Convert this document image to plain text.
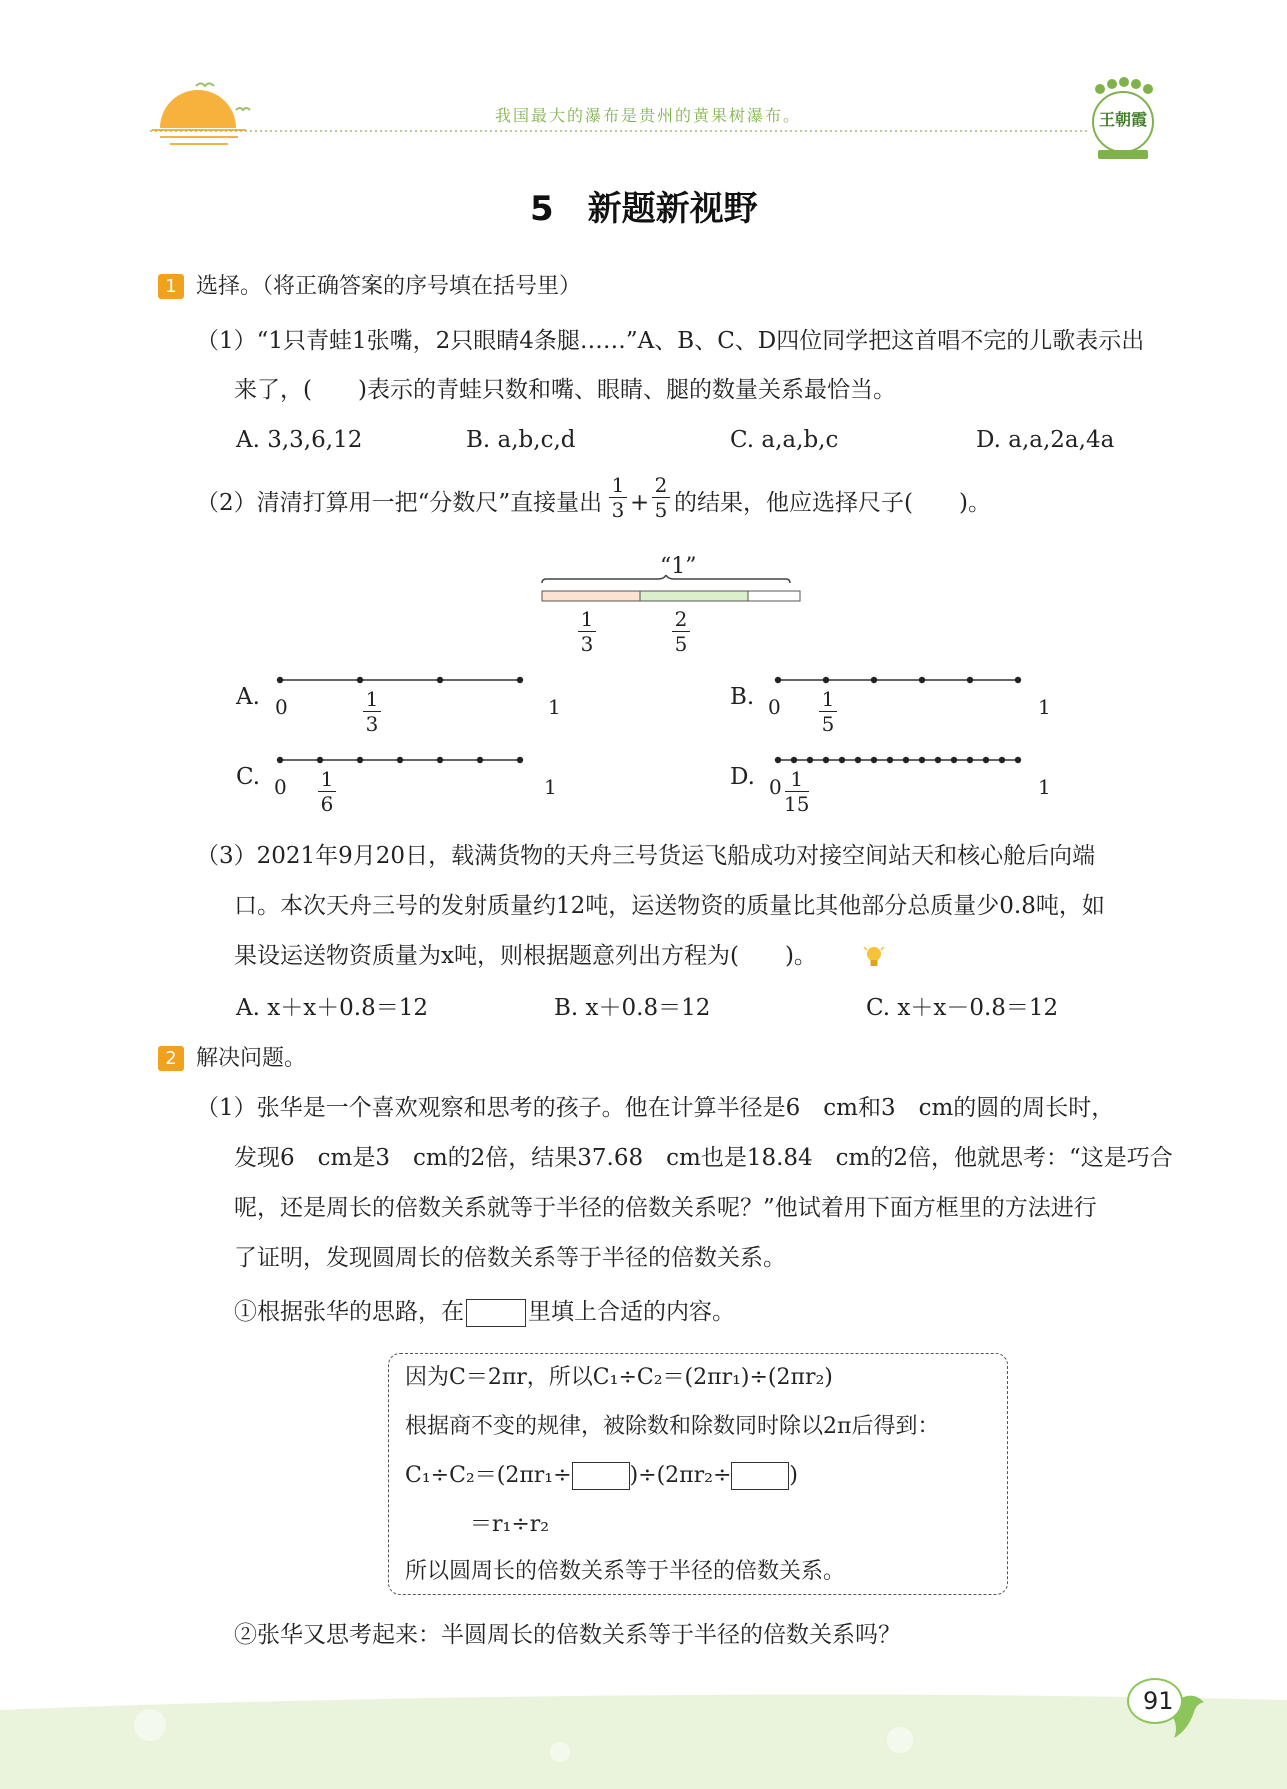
我国最大的瀑布是贵州的黄果树瀑布。	王朝霞
5　新题新视野
1 选择。（将正确答案的序号填在括号里）
（1）“1只青蛙1张嘴，2只眼睛4条腿……”A、B、C、D四位同学把这首唱不完的儿歌表示出
来了，(　　)表示的青蛙只数和嘴、眼睛、腿的数量关系最恰当。
A. 3,3,6,12	B. a,b,c,d	C. a,a,b,c	D. a,a,2a,4a
（2）清清打算用一把“分数尺”直接量出
1
3 +
2
5 的结果，他应选择尺子(　　)。
“1”
1
3
2
5
A. 0	1
1
3
B. 0	1
1
5
C. 0	1
1
6
D. 0	1
1
15
（3）2021年9月20日，载满货物的天舟三号货运飞船成功对接空间站天和核心舱后向端
口。本次天舟三号的发射质量约12吨，运送物资的质量比其他部分总质量少0.8吨，如
果设运送物资质量为x吨，则根据题意列出方程为(　　)。
A. x＋x＋0.8＝12	B. x＋0.8＝12	C. x＋x－0.8＝12
2 解决问题。
（1）张华是一个喜欢观察和思考的孩子。他在计算半径是6　cm和3　cm的圆的周长时，
发现6　cm是3　cm的2倍，结果37.68　cm也是18.84　cm的2倍，他就思考：“这是巧合
呢，还是周长的倍数关系就等于半径的倍数关系呢？”他试着用下面方框里的方法进行
了证明，发现圆周长的倍数关系等于半径的倍数关系。
①根据张华的思路，在	里填上合适的内容。
因为C＝2πr，所以C₁÷C₂＝(2πr₁)÷(2πr₂)
根据商不变的规律，被除数和除数同时除以2π后得到：
C₁÷C₂＝(2πr₁÷	)÷(2πr₂÷	)
＝r₁÷r₂
所以圆周长的倍数关系等于半径的倍数关系。
②张华又思考起来：半圆周长的倍数关系等于半径的倍数关系吗？
91
